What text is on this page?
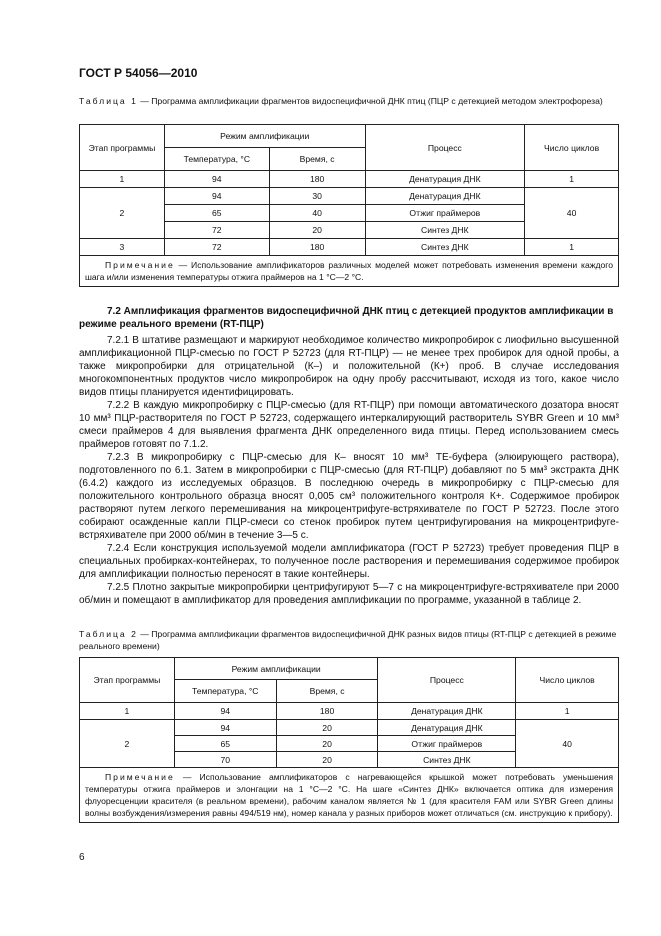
ГОСТ Р 54056—2010
Таблица 1 — Программа амплификации фрагментов видоспецифичной ДНК птиц (ПЦР с детекцией методом электрофореза)
Этап программы	Режим амплификации		Процесс	Число циклов
	Температура, °С	Время, с		
1	94	180	Денатурация ДНК	1
2	94	30	Денатурация ДНК	40
	65	40	Отжиг праймеров	
	72	20	Синтез ДНК	
3	72	180	Синтез ДНК	1
Примечание — Использование амплификаторов различных моделей может потребовать изменения времени каждого шага и/или изменения температуры отжига праймеров на 1 °С—2 °С.				
7.2 Амплификация фрагментов видоспецифичной ДНК птиц с детекцией продуктов амплификации в режиме реального времени (RT-ПЦР)

7.2.1 В штативе размещают и маркируют необходимое количество микропробирок с лиофильно высушенной амплификационной ПЦР-смесью по ГОСТ Р 52723 (для RT-ПЦР) — не менее трех пробирок для одной пробы, а также микропробирки для отрицательной (К–) и положительной (К+) проб. В случае исследования многокомпонентных продуктов число микропробирок на одну пробу рассчитывают, исходя из того, какое число видов птицы планируется идентифицировать.

7.2.2 В каждую микропробирку с ПЦР-смесью (для RT-ПЦР) при помощи автоматического дозатора вносят 10 мм³ ПЦР-растворителя по ГОСТ Р 52723, содержащего интеркалирующий растворитель SYBR Green и 10 мм³ смеси праймеров 4 для выявления фрагмента ДНК определенного вида птицы. Перед использованием смесь праймеров готовят по 7.1.2.

7.2.3 В микропробирку с ПЦР-смесью для К– вносят 10 мм³ ТЕ-буфера (элюирующего раствора), подготовленного по 6.1. Затем в микропробирки с ПЦР-смесью (для RT-ПЦР) добавляют по 5 мм³ экстракта ДНК (6.4.2) каждого из исследуемых образцов. В последнюю очередь в микропробирку с ПЦР-смесью для положительного контрольного образца вносят 0,005 см³ положительного контроля К+. Содержимое пробирок растворяют путем легкого перемешивания на микроцентрифуге-встряхивателе по ГОСТ Р 52723. После этого собирают осажденные капли ПЦР-смеси со стенок пробирок путем центрифугирования на микроцентрифуге-встряхивателе при 2000 об/мин в течение 3—5 с.

7.2.4 Если конструкция используемой модели амплификатора (ГОСТ Р 52723) требует проведения ПЦР в специальных пробирках-контейнерах, то полученное после растворения и перемешивания содержимое пробирок для амплификации полностью переносят в такие контейнеры.

7.2.5 Плотно закрытые микропробирки центрифугируют 5—7 с на микроцентрифуге-встряхивателе при 2000 об/мин и помещают в амплификатор для проведения амплификации по программе, указанной в таблице 2.

Таблица 2 — Программа амплификации фрагментов видоспецифичной ДНК разных видов птицы (RT-ПЦР с детекцией в режиме реального времени)
Этап программы	Режим амплификации		Процесс	Число циклов
	Температура, °С	Время, с		
1	94	180	Денатурация ДНК	1
2	94	20	Денатурация ДНК	40
	65	20	Отжиг праймеров	
	70	20	Синтез ДНК	
Примечание — Использование амплификаторов с нагревающейся крышкой может потребовать уменьшения температуры отжига праймеров и элонгации на 1 °С—2 °С. На шаге «Синтез ДНК» включается оптика для измерения флуоресценции красителя (в реальном времени), рабочим каналом является № 1 (для красителя FAM или SYBR Green длины волны возбуждения/измерения равны 494/519 нм), номер канала у разных приборов может отличаться (см. инструкцию к прибору).				
6
